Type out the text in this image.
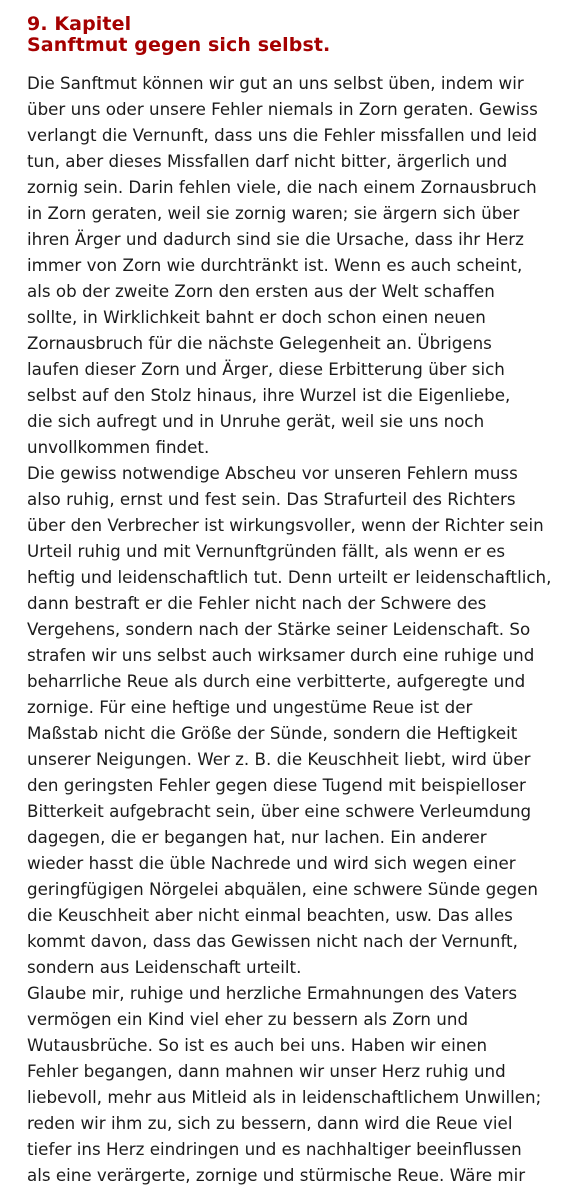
9. Kapitel
Sanftmut gegen sich selbst.

Die Sanftmut können wir gut an uns selbst üben, indem wir
über uns oder unsere Fehler niemals in Zorn geraten. Gewiss
verlangt die Vernunft, dass uns die Fehler missfallen und leid
tun, aber dieses Missfallen darf nicht bitter, ärgerlich und
zornig sein. Darin fehlen viele, die nach einem Zornausbruch
in Zorn geraten, weil sie zornig waren; sie ärgern sich über
ihren Ärger und dadurch sind sie die Ursache, dass ihr Herz
immer von Zorn wie durchtränkt ist. Wenn es auch scheint,
als ob der zweite Zorn den ersten aus der Welt schaffen
sollte, in Wirklichkeit bahnt er doch schon einen neuen
Zornausbruch für die nächste Gelegenheit an. Übrigens
laufen dieser Zorn und Ärger, diese Erbitterung über sich
selbst auf den Stolz hinaus, ihre Wurzel ist die Eigenliebe,
die sich aufregt und in Unruhe gerät, weil sie uns noch
unvollkommen findet.

Die gewiss notwendige Abscheu vor unseren Fehlern muss
also ruhig, ernst und fest sein. Das Strafurteil des Richters
über den Verbrecher ist wirkungsvoller, wenn der Richter sein
Urteil ruhig und mit Vernunftgründen fällt, als wenn er es
heftig und leidenschaftlich tut. Denn urteilt er leidenschaftlich,
dann bestraft er die Fehler nicht nach der Schwere des
Vergehens, sondern nach der Stärke seiner Leidenschaft. So
strafen wir uns selbst auch wirksamer durch eine ruhige und
beharrliche Reue als durch eine verbitterte, aufgeregte und
zornige. Für eine heftige und ungestüme Reue ist der
Maßstab nicht die Größe der Sünde, sondern die Heftigkeit
unserer Neigungen. Wer z. B. die Keuschheit liebt, wird über
den geringsten Fehler gegen diese Tugend mit beispielloser
Bitterkeit aufgebracht sein, über eine schwere Verleumdung
dagegen, die er begangen hat, nur lachen. Ein anderer
wieder hasst die üble Nachrede und wird sich wegen einer
geringfügigen Nörgelei abquälen, eine schwere Sünde gegen
die Keuschheit aber nicht einmal beachten, usw. Das alles
kommt davon, dass das Gewissen nicht nach der Vernunft,
sondern aus Leidenschaft urteilt.

Glaube mir, ruhige und herzliche Ermahnungen des Vaters
vermögen ein Kind viel eher zu bessern als Zorn und
Wutausbrüche. So ist es auch bei uns. Haben wir einen
Fehler begangen, dann mahnen wir unser Herz ruhig und
liebevoll, mehr aus Mitleid als in leidenschaftlichem Unwillen;
reden wir ihm zu, sich zu bessern, dann wird die Reue viel
tiefer ins Herz eindringen und es nachhaltiger beeinflussen
als eine verärgerte, zornige und stürmische Reue. Wäre mir
